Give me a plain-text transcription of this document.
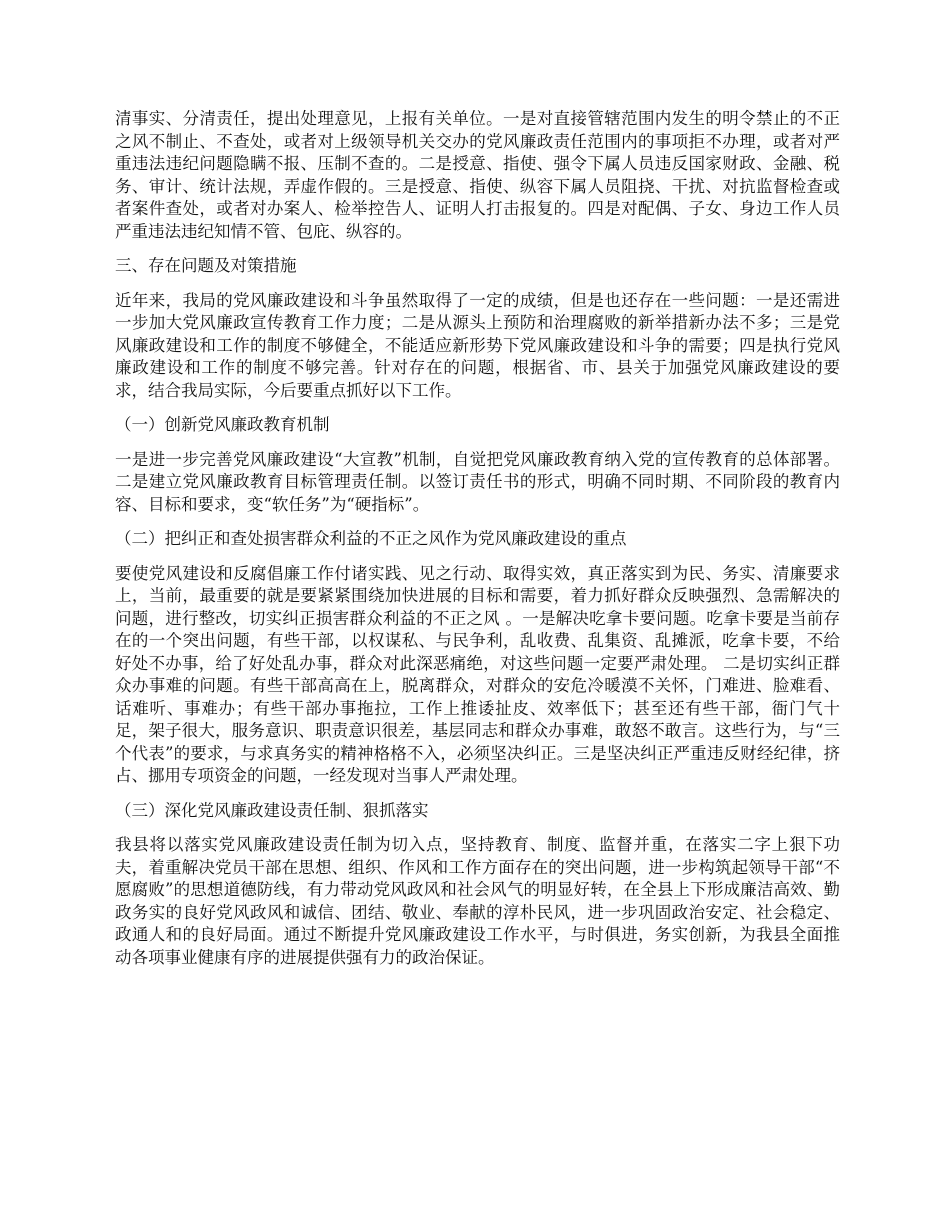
清事实、分清责任，提出处理意见，上报有关单位。一是对直接管辖范围内发生的明令禁止的不正之风不制止、不查处，或者对上级领导机关交办的党风廉政责任范围内的事项拒不办理，或者对严重违法违纪问题隐瞒不报、压制不查的。二是授意、指使、强令下属人员违反国家财政、金融、税务、审计、统计法规，弄虚作假的。三是授意、指使、纵容下属人员阻挠、干扰、对抗监督检查或者案件查处，或者对办案人、检举控告人、证明人打击报复的。四是对配偶、子女、身边工作人员严重违法违纪知情不管、包庇、纵容的。

三、存在问题及对策措施

近年来，我局的党风廉政建设和斗争虽然取得了一定的成绩，但是也还存在一些问题：一是还需进一步加大党风廉政宣传教育工作力度；二是从源头上预防和治理腐败的新举措新办法不多；三是党风廉政建设和工作的制度不够健全，不能适应新形势下党风廉政建设和斗争的需要；四是执行党风廉政建设和工作的制度不够完善。针对存在的问题，根据省、市、县关于加强党风廉政建设的要求，结合我局实际，今后要重点抓好以下工作。

（一）创新党风廉政教育机制

一是进一步完善党风廉政建设“大宣教”机制，自觉把党风廉政教育纳入党的宣传教育的总体部署。二是建立党风廉政教育目标管理责任制。以签订责任书的形式，明确不同时期、不同阶段的教育内容、目标和要求，变“软任务”为“硬指标”。

（二）把纠正和查处损害群众利益的不正之风作为党风廉政建设的重点

要使党风建设和反腐倡廉工作付诸实践、见之行动、取得实效，真正落实到为民、务实、清廉要求上，当前，最重要的就是要紧紧围绕加快进展的目标和需要，着力抓好群众反映强烈、急需解决的问题，进行整改，切实纠正损害群众利益的不正之风 。一是解决吃拿卡要问题。吃拿卡要是当前存在的一个突出问题，有些干部，以权谋私、与民争利，乱收费、乱集资、乱摊派，吃拿卡要，不给好处不办事，给了好处乱办事，群众对此深恶痛绝，对这些问题一定要严肃处理。 二是切实纠正群众办事难的问题。有些干部高高在上，脱离群众，对群众的安危冷暖漠不关怀，门难进、脸难看、话难听、事难办；有些干部办事拖拉，工作上推诿扯皮、效率低下；甚至还有些干部，衙门气十足，架子很大，服务意识、职责意识很差，基层同志和群众办事难，敢怒不敢言。这些行为，与“三个代表”的要求，与求真务实的精神格格不入，必须坚决纠正。三是坚决纠正严重违反财经纪律，挤占、挪用专项资金的问题，一经发现对当事人严肃处理。

（三）深化党风廉政建设责任制、狠抓落实

我县将以落实党风廉政建设责任制为切入点，坚持教育、制度、监督并重，在落实二字上狠下功夫，着重解决党员干部在思想、组织、作风和工作方面存在的突出问题，进一步构筑起领导干部“不愿腐败”的思想道德防线，有力带动党风政风和社会风气的明显好转，在全县上下形成廉洁高效、勤政务实的良好党风政风和诚信、团结、敬业、奉献的淳朴民风，进一步巩固政治安定、社会稳定、政通人和的良好局面。通过不断提升党风廉政建设工作水平，与时俱进，务实创新，为我县全面推动各项事业健康有序的进展提供强有力的政治保证。
